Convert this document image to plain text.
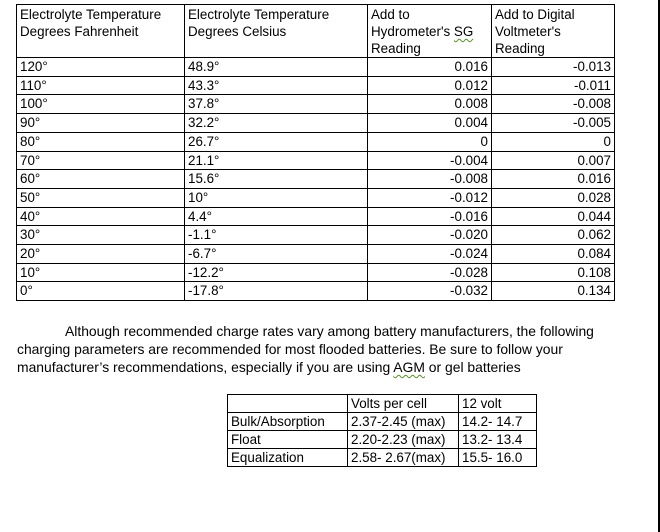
Electrolyte Temperature Degrees Fahrenheit	Electrolyte Temperature Degrees Celsius	Add to Hydrometer's SG Reading	Add to Digital Voltmeter's Reading
120°	48.9°	0.016	-0.013
110°	43.3°	0.012	-0.011
100°	37.8°	0.008	-0.008
90°	32.2°	0.004	-0.005
80°	26.7°	0	0
70°	21.1°	-0.004	0.007
60°	15.6°	-0.008	0.016
50°	10°	-0.012	0.028
40°	4.4°	-0.016	0.044
30°	-1.1°	-0.020	0.062
20°	-6.7°	-0.024	0.084
10°	-12.2°	-0.028	0.108
0°	-17.8°	-0.032	0.134

Although recommended charge rates vary among battery manufacturers, the following
charging parameters are recommended for most flooded batteries. Be sure to follow your
manufacturer’s recommendations, especially if you are using AGM or gel batteries

	Volts per cell	12 volt
Bulk/Absorption	2.37-2.45 (max)	14.2- 14.7
Float	2.20-2.23 (max)	13.2- 13.4
Equalization	2.58- 2.67(max)	15.5- 16.0
